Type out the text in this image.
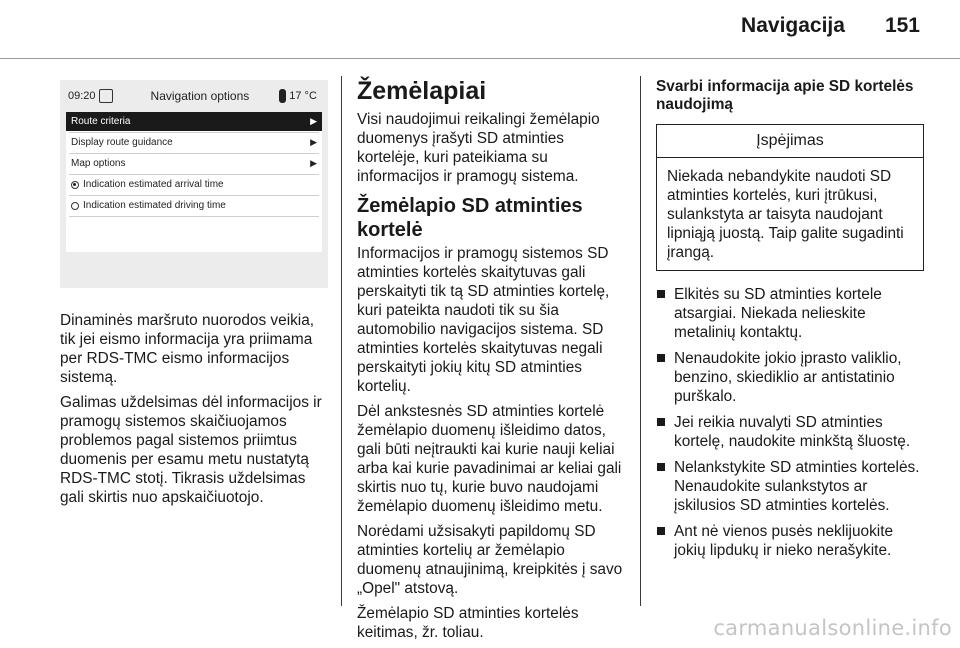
Navigacija 151
09:20	Navigation options	17 °C
Route criteria	▶
Display route guidance	▶
Map options	▶
Indication estimated arrival time
Indication estimated driving time

Dinaminės maršruto nuorodos veikia, tik jei eismo informacija yra priimama per RDS-TMC eismo informacijos sistemą.

Galimas uždelsimas dėl informacijos ir pramogų sistemos skaičiuojamos problemos pagal sistemos priimtus duomenis per esamu metu nustatytą RDS-TMC stotį. Tikrasis uždelsimas gali skirtis nuo apskaičiuotojo.

Žemėlapiai

Visi naudojimui reikalingi žemėlapio duomenys įrašyti SD atminties kortelėje, kuri pateikiama su informacijos ir pramogų sistema.

Žemėlapio SD atminties kortelė

Informacijos ir pramogų sistemos SD atminties kortelės skaitytuvas gali perskaityti tik tą SD atminties kortelę, kuri pateikta naudoti tik su šia automobilio navigacijos sistema. SD atminties kortelės skaitytuvas negali perskaityti jokių kitų SD atminties kortelių.

Dėl ankstesnės SD atminties kortelė žemėlapio duomenų išleidimo datos, gali būti neįtraukti kai kurie nauji keliai arba kai kurie pavadinimai ar keliai gali skirtis nuo tų, kurie buvo naudojami žemėlapio duomenų išleidimo metu.

Norėdami užsisakyti papildomų SD atminties kortelių ar žemėlapio duomenų atnaujinimą, kreipkitės į savo „Opel" atstovą.

Žemėlapio SD atminties kortelės keitimas, žr. toliau.

Svarbi informacija apie SD kortelės naudojimą
Įspėjimas
Niekada nebandykite naudoti SD atminties kortelės, kuri įtrūkusi, sulankstyta ar taisyta naudojant lipniąją juostą. Taip galite sugadinti įrangą.
Elkitės su SD atminties kortele atsargiai. Niekada nelieskite metalinių kontaktų.
Nenaudokite jokio įprasto valiklio, benzino, skiediklio ar antistatinio purškalo.
Jei reikia nuvalyti SD atminties kortelę, naudokite minkštą šluostę.
Nelankstykite SD atminties kortelės. Nenaudokite sulankstytos ar įskilusios SD atminties kortelės.
Ant nė vienos pusės neklijuokite jokių lipdukų ir nieko nerašykite.
carmanualsonline.info
